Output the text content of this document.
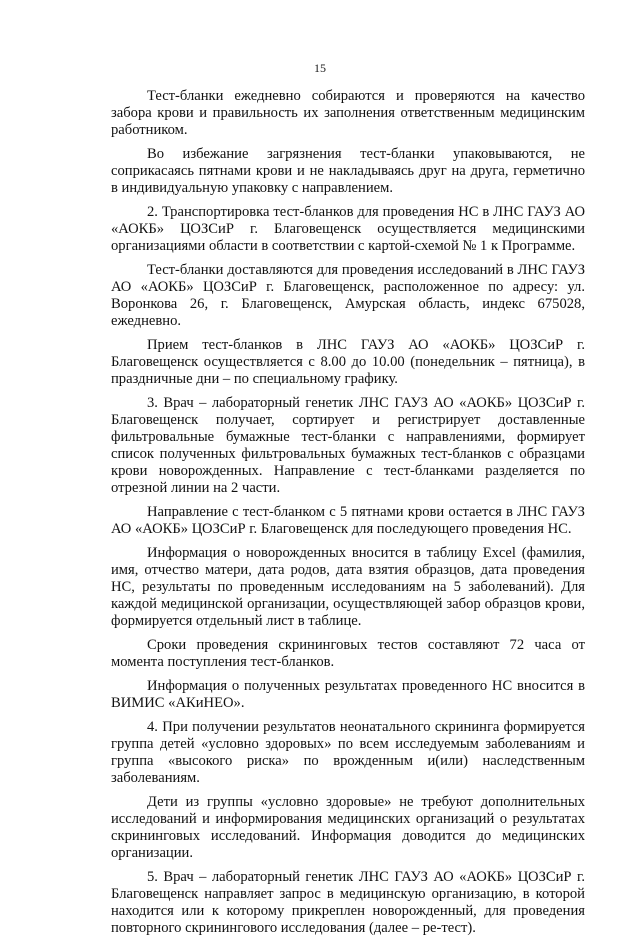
15

Тест-бланки ежедневно собираются и проверяются на качество забора крови и правильность их заполнения ответственным медицинским работником.

Во избежание загрязнения тест-бланки упаковываются, не соприкасаясь пятнами крови и не накладываясь друг на друга, герметично в индивидуальную упаковку с направлением.

2. Транспортировка тест-бланков для проведения НС в ЛНС ГАУЗ АО «АОКБ» ЦОЗСиР г. Благовещенск осуществляется медицинскими организациями области в соответствии с картой-схемой № 1 к Программе.

Тест-бланки доставляются для проведения исследований в ЛНС ГАУЗ АО «АОКБ» ЦОЗСиР г. Благовещенск, расположенное по адресу: ул. Воронкова 26, г. Благовещенск, Амурская область, индекс 675028, ежедневно.

Прием тест-бланков в ЛНС ГАУЗ АО «АОКБ» ЦОЗСиР г. Благовещенск осуществляется с 8.00 до 10.00 (понедельник – пятница), в праздничные дни – по специальному графику.

3. Врач – лабораторный генетик ЛНС ГАУЗ АО «АОКБ» ЦОЗСиР г. Благовещенск получает, сортирует и регистрирует доставленные фильтровальные бумажные тест-бланки с направлениями, формирует список полученных фильтровальных бумажных тест-бланков с образцами крови новорожденных. Направление с тест-бланками разделяется по отрезной линии на 2 части.

Направление с тест-бланком с 5 пятнами крови остается в ЛНС ГАУЗ АО «АОКБ» ЦОЗСиР г. Благовещенск для последующего проведения НС.

Информация о новорожденных вносится в таблицу Excel (фамилия, имя, отчество матери, дата родов, дата взятия образцов, дата проведения НС, результаты по проведенным исследованиям на 5 заболеваний). Для каждой медицинской организации, осуществляющей забор образцов крови, формируется отдельный лист в таблице.

Сроки проведения скрининговых тестов составляют 72 часа от момента поступления тест-бланков.

Информация о полученных результатах проведенного НС вносится в ВИМИС «АКиНЕО».

4. При получении результатов неонатального скрининга формируется группа детей «условно здоровых» по всем исследуемым заболеваниям и группа «высокого риска» по врожденным и(или) наследственным заболеваниям.

Дети из группы «условно здоровые» не требуют дополнительных исследований и информирования медицинских организаций о результатах скрининговых исследований. Информация доводится до медицинских организации.

5. Врач – лабораторный генетик ЛНС ГАУЗ АО «АОКБ» ЦОЗСиР г. Благовещенск направляет запрос в медицинскую организацию, в которой находится или к которому прикреплен новорожденный, для проведения повторного скринингового исследования (далее – ре-тест).
